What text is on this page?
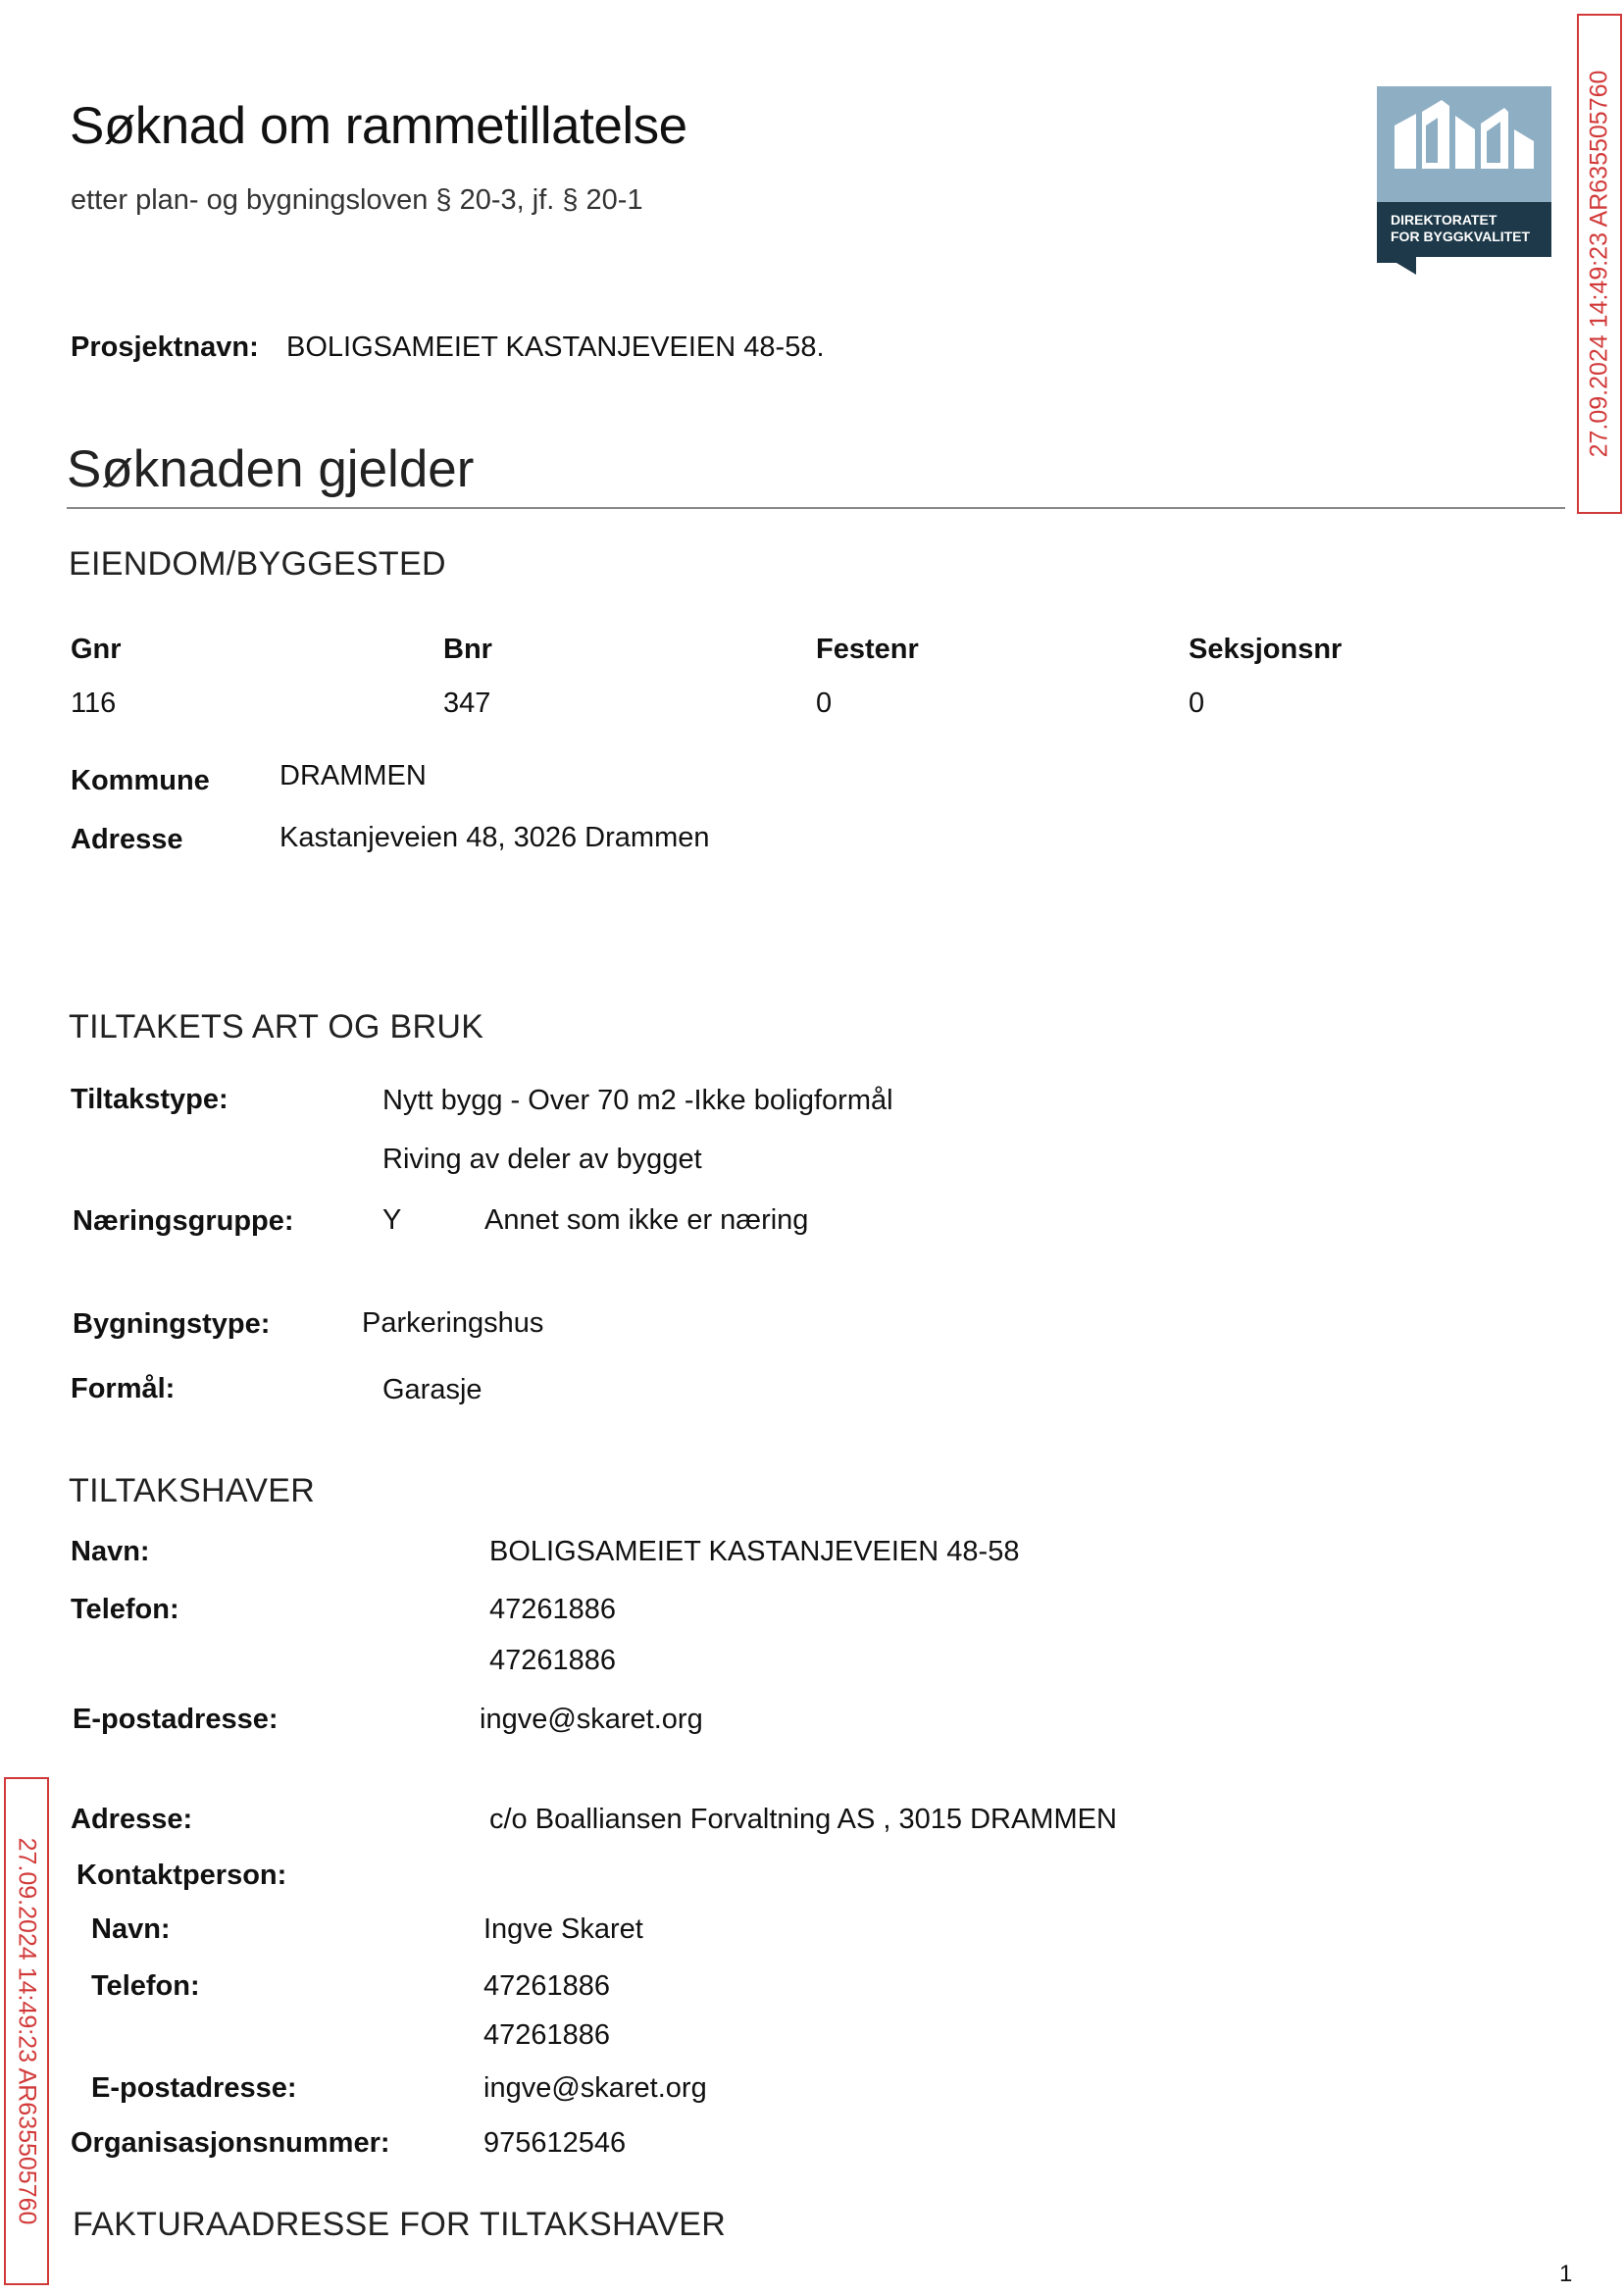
Søknad om rammetillatelse
etter plan- og bygningsloven § 20-3, jf. § 20-1
DIREKTORATET
FOR BYGGKVALITET 27.09.2024 14:49:23 AR635505760
Prosjektnavn: BOLIGSAMEIET KASTANJEVEIEN 48-58.
Søknaden gjelder
EIENDOM/BYGGESTED
Gnr	Bnr	Festenr	Seksjonsnr
116	347	0	0
Kommune DRAMMEN
Adresse	Kastanjeveien 48, 3026 Drammen
TILTAKETS ART OG BRUK
Tiltakstype:	Nytt bygg - Over 70 m2 -Ikke boligformål
Riving av deler av bygget
Næringsgruppe:	Y	Annet som ikke er næring
Bygningstype:	Parkeringshus
Formål:	Garasje
TILTAKSHAVER
Navn:	BOLIGSAMEIET KASTANJEVEIEN 48-58
Telefon:	47261886
47261886
E-postadresse:	ingve@skaret.org
27.09.2024 14:49:23 AR635505760
Adresse:	c/o Boalliansen Forvaltning AS , 3015 DRAMMEN
Kontaktperson:
Navn:	Ingve Skaret
Telefon:	47261886
47261886
E-postadresse:	ingve@skaret.org
Organisasjonsnummer:	975612546
FAKTURAADRESSE FOR TILTAKSHAVER
1
